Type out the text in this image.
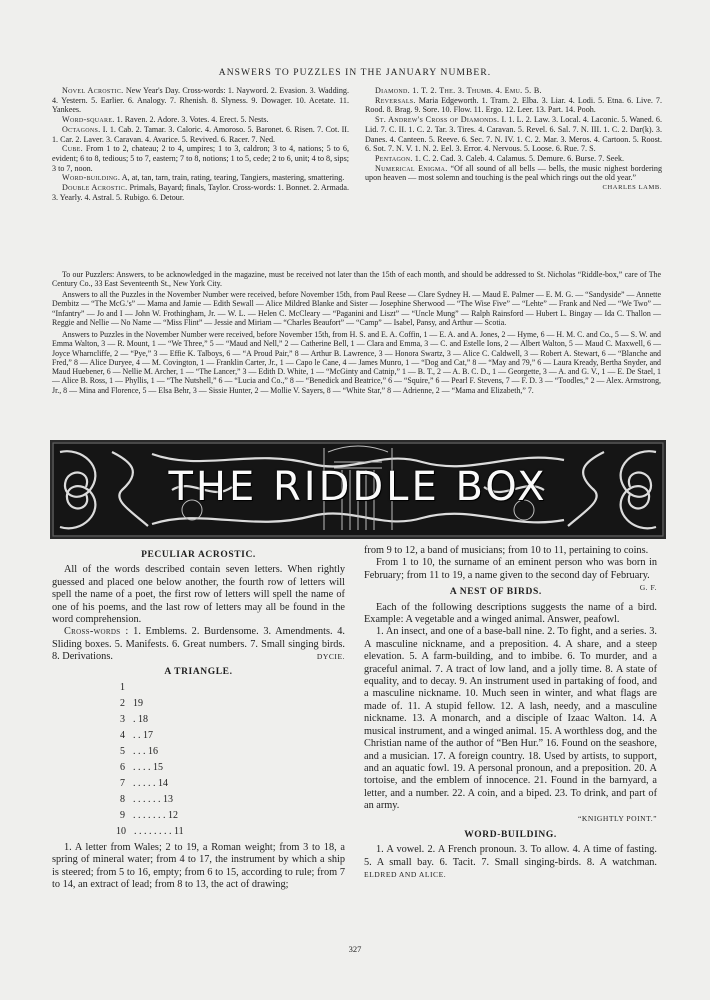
ANSWERS TO PUZZLES IN THE JANUARY NUMBER.

Novel Acrostic. New Year's Day. Cross-words: 1. Nayword. 2. Evasion. 3. Wadding. 4. Yestern. 5. Earlier. 6. Analogy. 7. Rhenish. 8. Slyness. 9. Dowager. 10. Acetate. 11. Yankees.

Word-square. 1. Raven. 2. Adore. 3. Votes. 4. Erect. 5. Nests.

Octagons. I. 1. Cab. 2. Tamar. 3. Caloric. 4. Amoroso. 5. Baronet. 6. Risen. 7. Cot. II. 1. Car. 2. Laver. 3. Caravan. 4. Avarice. 5. Revived. 6. Racer. 7. Ned.

Cube. From 1 to 2, chateau; 2 to 4, umpires; 1 to 3, caldron; 3 to 4, nations; 5 to 6, evident; 6 to 8, tedious; 5 to 7, eastern; 7 to 8, notions; 1 to 5, cede; 2 to 6, unit; 4 to 8, sips; 3 to 7, noon.

Word-building. A, at, tan, tarn, train, rating, tearing, Tangiers, mastering, smattering.

Double Acrostic. Primals, Bayard; finals, Taylor. Cross-words: 1. Bonnet. 2. Armada. 3. Yearly. 4. Astral. 5. Rubigo. 6. Detour.

Diamond. 1. T. 2. The. 3. Thumb. 4. Emu. 5. B.

Reversals. Maria Edgeworth. 1. Tram. 2. Elba. 3. Liar. 4. Lodi. 5. Etna. 6. Live. 7. Rood. 8. Brag. 9. Sore. 10. Flow. 11. Ergo. 12. Leer. 13. Part. 14. Pooh.

St. Andrew's Cross of Diamonds. I. 1. L. 2. Law. 3. Local. 4. Laconic. 5. Waned. 6. Lid. 7. C. II. 1. C. 2. Tar. 3. Tires. 4. Caravan. 5. Revel. 6. Sal. 7. N. III. 1. C. 2. Dar(k). 3. Danes. 4. Canteen. 5. Reeve. 6. Sec. 7. N. IV. 1. C. 2. Mar. 3. Meros. 4. Cartoon. 5. Roost. 6. Sot. 7. N. V. 1. N. 2. Eel. 3. Error. 4. Nervous. 5. Loose. 6. Rue. 7. S.

Pentagon. 1. C. 2. Cad. 3. Caleb. 4. Calamus. 5. Demure. 6. Burse. 7. Seek.

Numerical Enigma. “Of all sound of all bells — bells, the music nighest bordering upon heaven — most solemn and touching is the peal which rings out the old year.”
CHARLES LAMB.

To our Puzzlers: Answers, to be acknowledged in the magazine, must be received not later than the 15th of each month, and should be addressed to St. Nicholas “Riddle-box,” care of The Century Co., 33 East Seventeenth St., New York City.

Answers to all the Puzzles in the November Number were received, before November 15th, from Paul Reese — Clare Sydney H. — Maud E. Palmer — E. M. G. — “Sandyside” — Annette Dembitz — “The McG.'s” — Mama and Jamie — Edith Sewall — Alice Mildred Blanke and Sister — Josephine Sherwood — “The Wise Five” — “Lehte” — Frank and Ned — “We Two” — “Infantry” — Jo and I — John W. Frothingham, Jr. — W. L. — Helen C. McCleary — “Paganini and Liszt” — “Uncle Mung” — Ralph Rainsford — Hubert L. Bingay — Ida C. Thallon — Reggie and Nellie — No Name — “Miss Flint” — Jessie and Miriam — “Charles Beaufort” — “Camp” — Isabel, Pansy, and Arthur — Scotia.

Answers to Puzzles in the November Number were received, before November 15th, from H. S. and E. A. Coffin, 1 — E. A. and A. Jones, 2 — Hyme, 6 — H. M. C. and Co., 5 — S. W. and Emma Walton, 3 — R. Mount, 1 — “We Three,” 5 — “Maud and Nell,” 2 — Catherine Bell, 1 — Clara and Emma, 3 — C. and Estelle Ions, 2 — Albert Walton, 5 — Maud C. Maxwell, 6 — Joyce Wharncliffe, 2 — “Pye,” 3 — Effie K. Talboys, 6 — “A Proud Pair,” 8 — Arthur B. Lawrence, 3 — Honora Swartz, 3 — Alice C. Caldwell, 3 — Robert A. Stewart, 6 — “Blanche and Fred,” 8 — Alice Duryee, 4 — M. Covington, 1 — Franklin Carter, Jr., 1 — Capo le Cane, 4 — James Munro, 1 — “Dog and Cat,” 8 — “May and 79,” 6 — Laura Kready, Bertha Snyder, and Maud Huebener, 6 — Nellie M. Archer, 1 — “The Lancer,” 3 — Edith D. White, 1 — “McGinty and Catnip,” 1 — B. T., 2 — A. B. C. D., 1 — Georgette, 3 — A. and G. V., 1 — E. De Stael, 1 — Alice B. Ross, 1 — Phyllis, 1 — “The Nutshell,” 6 — “Lucia and Co.,” 8 — “Benedick and Beatrice,” 6 — “Squire,” 6 — Pearl F. Stevens, 7 — F. D. 3 — “Toodles,” 2 — Alex. Armstrong, Jr., 8 — Mina and Florence, 5 — Elsa Behr, 3 — Sissie Hunter, 2 — Mollie V. Sayers, 8 — “White Star,” 8 — Adrienne, 2 — “Mama and Elizabeth,” 7.

THE RIDDLE BOX
PECULIAR ACROSTIC.

All of the words described contain seven letters. When rightly guessed and placed one below another, the fourth row of letters will spell the name of a poet, the first row of letters will spell the name of one of his poems, and the last row of letters may all be found in the word comprehension.

Cross-words : 1. Emblems. 2. Burdensome. 3. Amendments. 4. Sliding boxes. 5. Manifests. 6. Great numbers. 7. Small singing birds. 8. Derivations.	DYCIE.

A TRIANGLE.
1
2 19
3 . 18
4 . . 17
5 . . . 16
6 . . . . 15
7 . . . . . 14
8 . . . . . . 13
9 . . . . . . . 12
10 . . . . . . . . 11

1. A letter from Wales; 2 to 19, a Roman weight; from 3 to 18, a spring of mineral water; from 4 to 17, the instrument by which a ship is steered; from 5 to 16, empty; from 6 to 15, according to rule; from 7 to 14, an extract of lead; from 8 to 13, the act of drawing;

from 9 to 12, a band of musicians; from 10 to 11, pertaining to coins.

From 1 to 10, the surname of an eminent person who was born in February; from 11 to 19, a name given to the second day of February.
G. F.

A NEST OF BIRDS.

Each of the following descriptions suggests the name of a bird. Example: A vegetable and a winged animal. Answer, peafowl.

1. An insect, and one of a base-ball nine. 2. To fight, and a series. 3. A masculine nickname, and a preposition. 4. A share, and a steep elevation. 5. A farm-building, and to imbibe. 6. To murder, and a graceful animal. 7. A tract of low land, and a jolly time. 8. A state of equality, and to decay. 9. An instrument used in partaking of food, and a masculine nickname. 10. Much seen in winter, and what flags are made of. 11. A stupid fellow. 12. A lash, needy, and a masculine nickname. 13. A monarch, and a disciple of Izaac Walton. 14. A musical instrument, and a winged animal. 15. A worthless dog, and the Christian name of the author of “Ben Hur.” 16. Found on the seashore, and a musician. 17. A foreign country. 18. Used by artists, to support, and an aquatic fowl. 19. A personal pronoun, and a preposition. 20. A tortoise, and the emblem of innocence. 21. Found in the barnyard, a letter, and a number. 22. A coin, and a biped. 23. To drink, and part of an army.

“KNIGHTLY POINT.”

WORD-BUILDING.

1. A vowel. 2. A French pronoun. 3. To allow. 4. A time of fasting. 5. A small bay. 6. Tacit. 7. Small singing-birds. 8. A watchman. ELDRED AND ALICE.

327
